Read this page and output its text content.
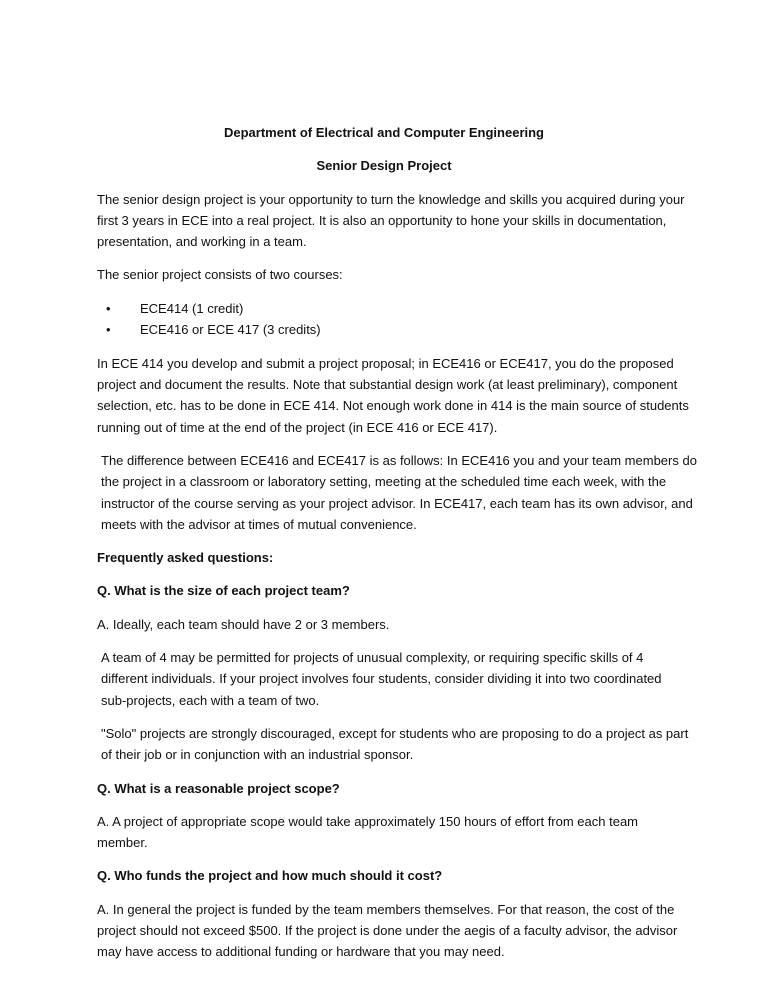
Department of Electrical and Computer Engineering
Senior Design Project
The senior design project is your opportunity to turn the knowledge and skills you acquired during your
first 3 years in ECE into a real project. It is also an opportunity to hone your skills in documentation,
presentation, and working in a team.
The senior project consists of two courses:
• ECE414 (1 credit)
• ECE416 or ECE 417 (3 credits)
In ECE 414 you develop and submit a project proposal; in ECE416 or ECE417, you do the proposed
project and document the results. Note that substantial design work (at least preliminary), component
selection, etc. has to be done in ECE 414. Not enough work done in 414 is the main source of students
running out of time at the end of the project (in ECE 416 or ECE 417).
The difference between ECE416 and ECE417 is as follows: In ECE416 you and your team members do
the project in a classroom or laboratory setting, meeting at the scheduled time each week, with the
instructor of the course serving as your project advisor. In ECE417, each team has its own advisor, and
meets with the advisor at times of mutual convenience.
Frequently asked questions:
Q. What is the size of each project team?
A. Ideally, each team should have 2 or 3 members.
A team of 4 may be permitted for projects of unusual complexity, or requiring specific skills of 4
different individuals. If your project involves four students, consider dividing it into two coordinated
sub-projects, each with a team of two.
"Solo" projects are strongly discouraged, except for students who are proposing to do a project as part
of their job or in conjunction with an industrial sponsor.
Q. What is a reasonable project scope?
A. A project of appropriate scope would take approximately 150 hours of effort from each team
member.
Q. Who funds the project and how much should it cost?
A. In general the project is funded by the team members themselves. For that reason, the cost of the
project should not exceed $500. If the project is done under the aegis of a faculty advisor, the advisor
may have access to additional funding or hardware that you may need.
